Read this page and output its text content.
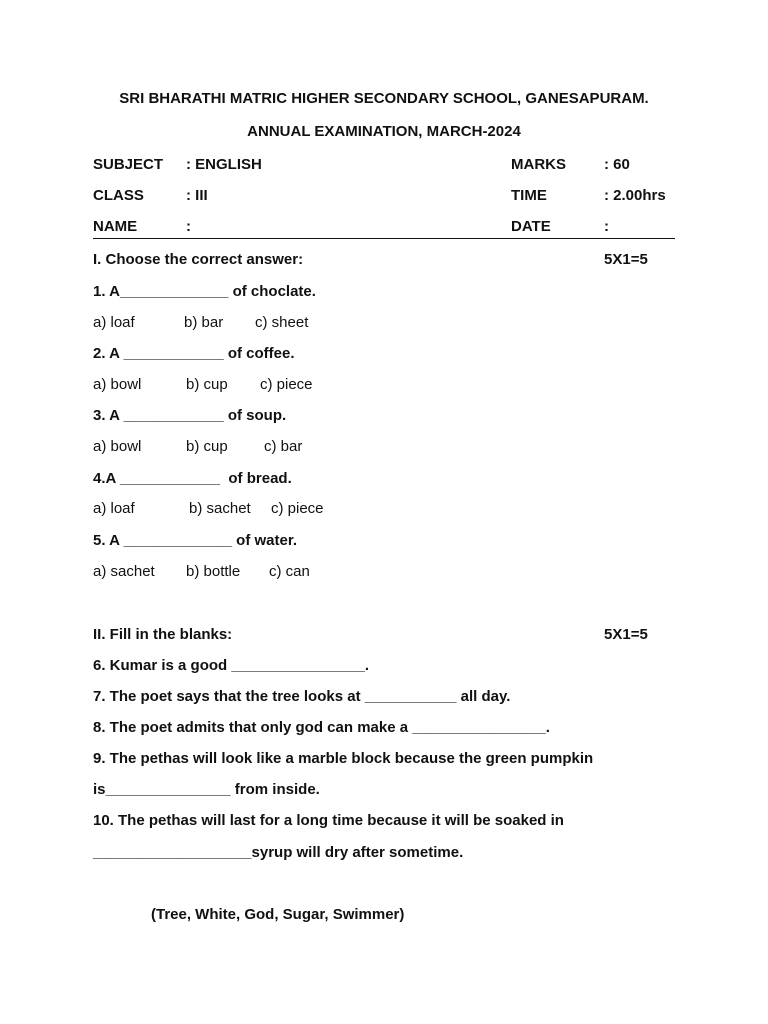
SRI BHARATHI MATRIC HIGHER SECONDARY SCHOOL, GANESAPURAM.
ANNUAL EXAMINATION, MARCH-2024
SUBJECT : ENGLISH	MARKS	: 60
CLASS	: III	TIME	: 2.00hrs
NAME	:	DATE	:
I. Choose the correct answer:	5X1=5
1. A_____________ of choclate.
a) loaf	b) bar c) sheet
2. A ____________ of coffee.
a) bowl	b) cup c) piece
3. A ____________ of soup.
a) bowl	b) cup c) bar
4.A ____________  of bread.
a) loaf	b) sachet c) piece
5. A _____________ of water.
a) sachet b) bottle c) can
II. Fill in the blanks:	5X1=5
6. Kumar is a good ________________.
7. The poet says that the tree looks at ___________ all day.
8. The poet admits that only god can make a ________________.
9. The pethas will look like a marble block because the green pumpkin
is_______________ from inside.
10. The pethas will last for a long time because it will be soaked in
___________________syrup will dry after sometime.
(Tree, White, God, Sugar, Swimmer)
